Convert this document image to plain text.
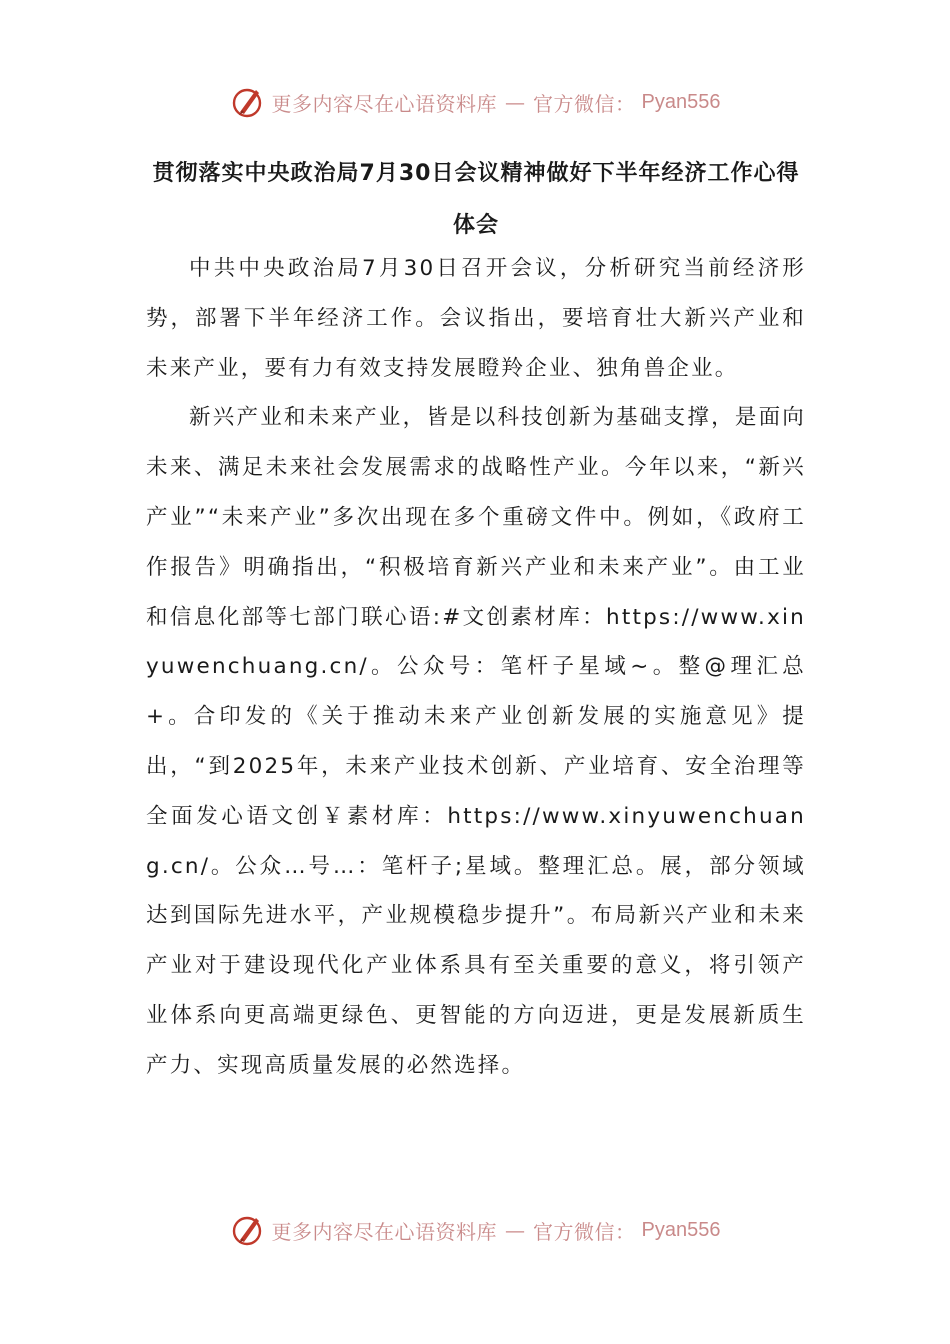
更多内容尽在心语资料库 — 官方微信： Pyan556
贯彻落实中央政治局7月30日会议精神做好下半年经济工作心得体会

中共中央政治局7月30日召开会议，分析研究当前经济形势，部署下半年经济工作。会议指出，要培育壮大新兴产业和未来产业，要有力有效支持发展瞪羚企业、独角兽企业。

新兴产业和未来产业，皆是以科技创新为基础支撑，是面向未来、满足未来社会发展需求的战略性产业。今年以来，“新兴产业”“未来产业”多次出现在多个重磅文件中。例如，《政府工作报告》明确指出，“积极培育新兴产业和未来产业”。由工业和信息化部等七部门联心语:#文创素材库：https://www.xinyuwenchuang.cn/。公众号：笔杆子星域~。整@理汇总+。合印发的《关于推动未来产业创新发展的实施意见》提出，“到2025年，未来产业技术创新、产业培育、安全治理等全面发心语文创￥素材库：https://www.xinyuwenchuang.cn/。公众…号…：笔杆子;星域。整理汇总。展，部分领域达到国际先进水平，产业规模稳步提升”。布局新兴产业和未来产业对于建设现代化产业体系具有至关重要的意义，将引领产业体系向更高端更绿色、更智能的方向迈进，更是发展新质生产力、实现高质量发展的必然选择。

更多内容尽在心语资料库 — 官方微信： Pyan556
